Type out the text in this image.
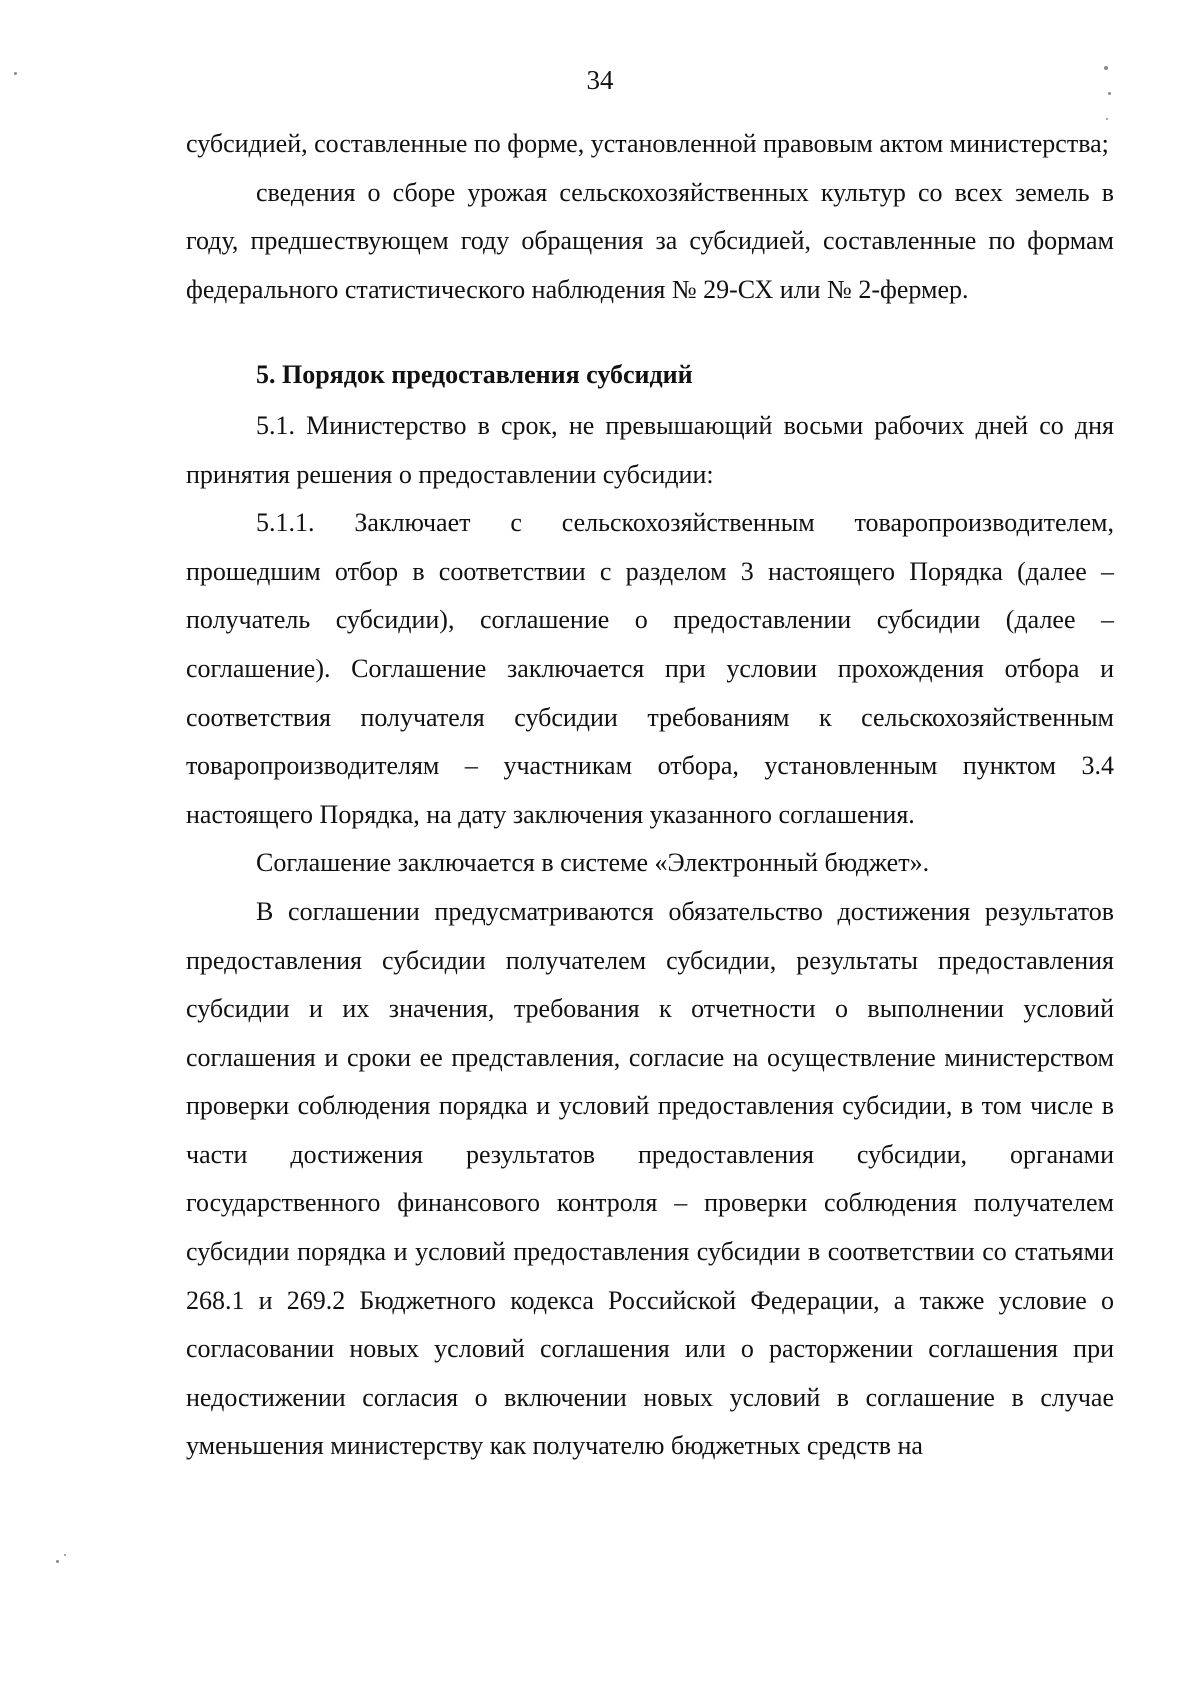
34

субсидией, составленные по форме, установленной правовым актом министерства;

сведения о сборе урожая сельскохозяйственных культур со всех земель в году, предшествующем году обращения за субсидией, составленные по формам федерального статистического наблюдения № 29-СХ или № 2-фермер.

5. Порядок предоставления субсидий

5.1. Министерство в срок, не превышающий восьми рабочих дней со дня принятия решения о предоставлении субсидии:

5.1.1. Заключает с сельскохозяйственным товаропроизводителем, прошедшим отбор в соответствии с разделом 3 настоящего Порядка (далее – получатель субсидии), соглашение о предоставлении субсидии (далее – соглашение). Соглашение заключается при условии прохождения отбора и соответствия получателя субсидии требованиям к сельскохозяйственным товаропроизводителям – участникам отбора, установленным пунктом 3.4 настоящего Порядка, на дату заключения указанного соглашения.

Соглашение заключается в системе «Электронный бюджет».

В соглашении предусматриваются обязательство достижения результатов предоставления субсидии получателем субсидии, результаты предоставления субсидии и их значения, требования к отчетности о выполнении условий соглашения и сроки ее представления, согласие на осуществление министерством проверки соблюдения порядка и условий предоставления субсидии, в том числе в части достижения результатов предоставления субсидии, органами государственного финансового контроля – проверки соблюдения получателем субсидии порядка и условий предоставления субсидии в соответствии со статьями 268.1 и 269.2 Бюджетного кодекса Российской Федерации, а также условие о согласовании новых условий соглашения или о расторжении соглашения при недостижении согласия о включении новых условий в соглашение в случае уменьшения министерству как получателю бюджетных средств на
